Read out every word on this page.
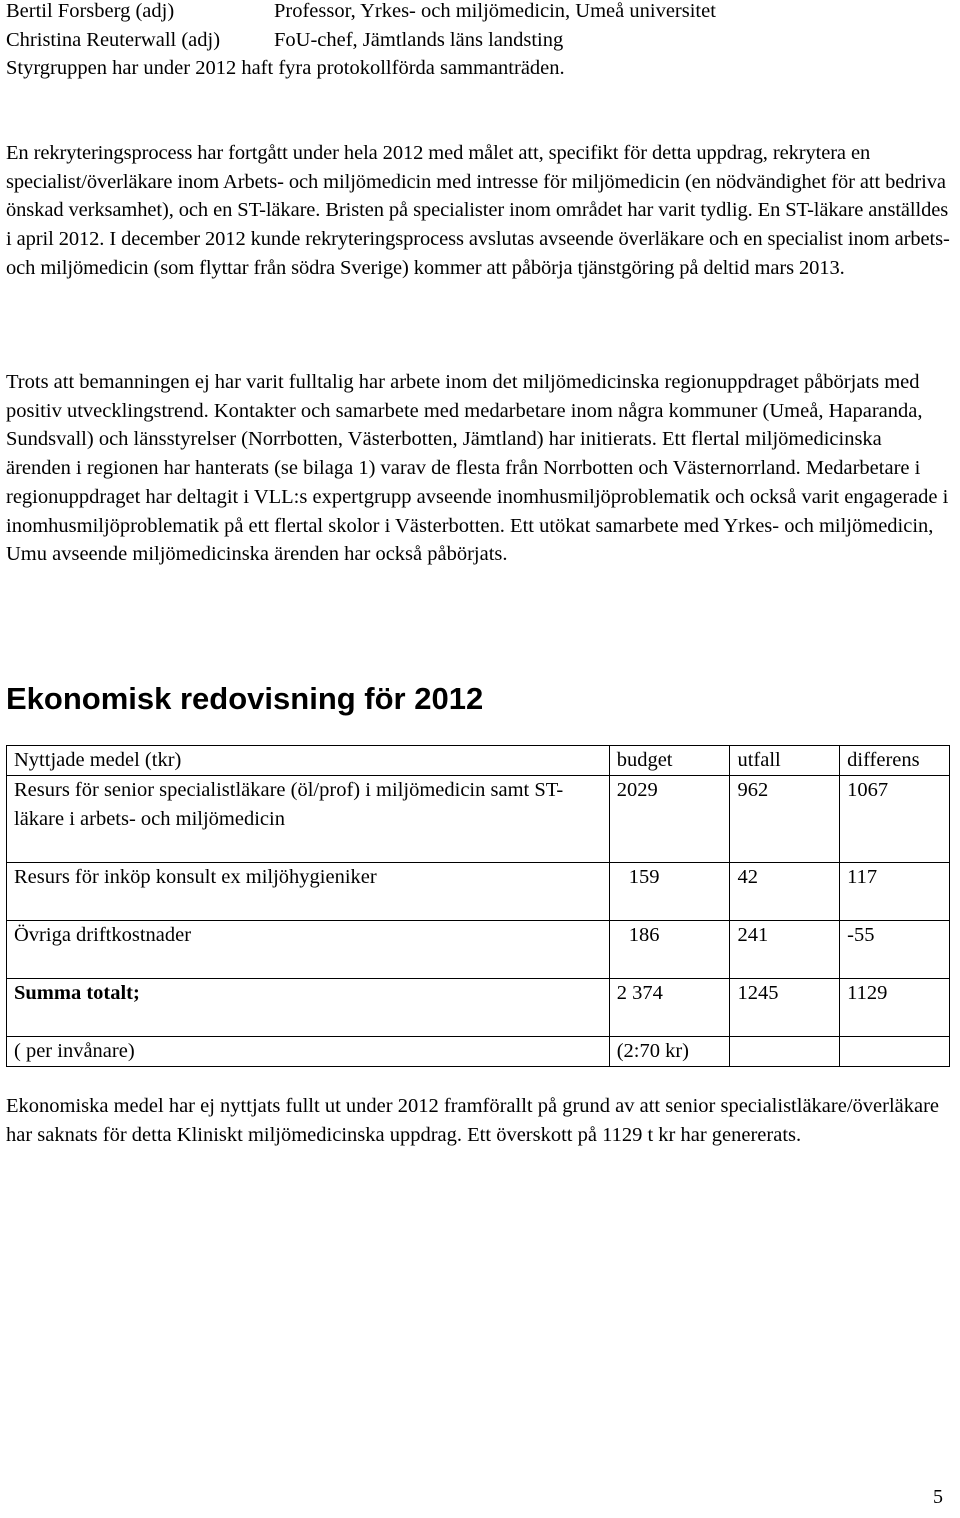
Bertil Forsberg (adj)	Professor, Yrkes- och miljömedicin, Umeå universitet
Christina Reuterwall (adj)	FoU-chef, Jämtlands läns landsting

Styrgruppen har under 2012 haft fyra protokollförda sammanträden.

En rekryteringsprocess har fortgått under hela 2012 med målet att, specifikt för detta uppdrag, rekrytera en specialist/överläkare inom Arbets- och miljömedicin med intresse för miljömedicin (en nödvändighet för att bedriva önskad verksamhet), och en ST-läkare. Bristen på specialister inom området har varit tydlig. En ST-läkare anställdes i april 2012. I december 2012 kunde rekryteringsprocess avslutas avseende överläkare och en specialist inom arbets- och miljömedicin (som flyttar från södra Sverige) kommer att påbörja tjänstgöring på deltid mars 2013.

Trots att bemanningen ej har varit fulltalig har arbete inom det miljömedicinska regionuppdraget påbörjats med positiv utvecklingstrend. Kontakter och samarbete med medarbetare inom några kommuner (Umeå, Haparanda, Sundsvall) och länsstyrelser (Norrbotten, Västerbotten, Jämtland) har initierats. Ett flertal miljömedicinska ärenden i regionen har hanterats (se bilaga 1) varav de flesta från Norrbotten och Västernorrland. Medarbetare i regionuppdraget har deltagit i VLL:s expertgrupp avseende inomhusmiljöproblematik och också varit engagerade i inomhusmiljöproblematik på ett flertal skolor i Västerbotten. Ett utökat samarbete med Yrkes- och miljömedicin, Umu avseende miljömedicinska ärenden har också påbörjats.

Ekonomisk redovisning för 2012
Nyttjade medel (tkr)	budget	utfall	differens
Resurs för senior specialistläkare (öl/prof) i miljömedicin samt ST-läkare i arbets- och miljömedicin	2029	962	1067
Resurs för inköp konsult ex miljöhygieniker	159	42	117
Övriga driftkostnader	186	241	-55
Summa totalt;	2 374	1245	1129
( per invånare)	(2:70 kr)		

Ekonomiska medel har ej nyttjats fullt ut under 2012 framförallt på grund av att senior specialistläkare/överläkare har saknats för detta Kliniskt miljömedicinska uppdrag. Ett överskott på 1129 t kr har genererats.

5
